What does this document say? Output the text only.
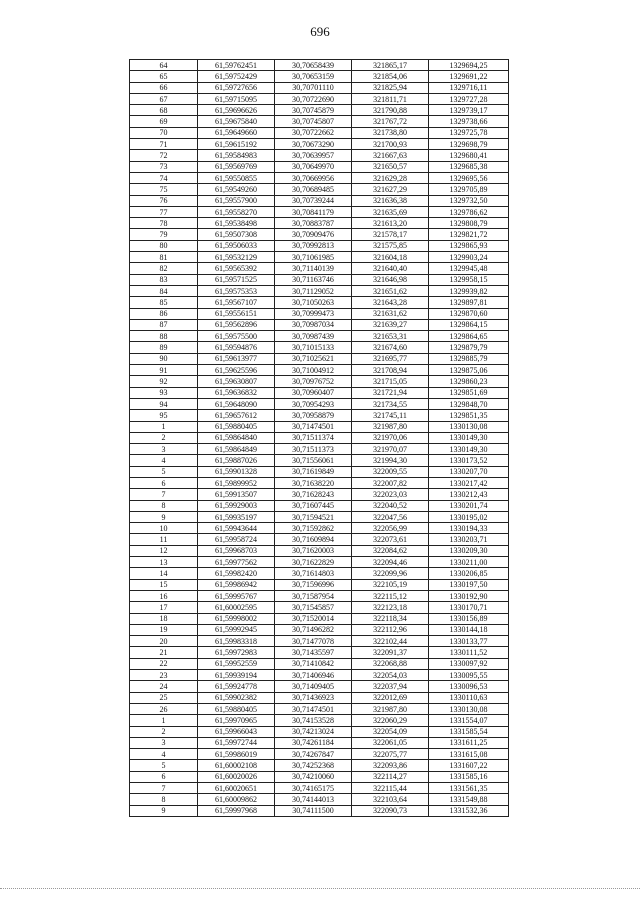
696
64	61,59762451	30,70658439	321865,17	1329694,25
65	61,59752429	30,70653159	321854,06	1329691,22
66	61,59727656	30,70701110	321825,94	1329716,11
67	61,59715095	30,70722690	321811,71	1329727,28
68	61,59696626	30,70745879	321790,88	1329739,17
69	61,59675840	30,70745807	321767,72	1329738,66
70	61,59649660	30,70722662	321738,80	1329725,78
71	61,59615192	30,70673290	321700,93	1329698,79
72	61,59584983	30,70639957	321667,63	1329680,41
73	61,59569769	30,70649970	321650,57	1329685,38
74	61,59550855	30,70669956	321629,28	1329695,56
75	61,59549260	30,70689485	321627,29	1329705,89
76	61,59557900	30,70739244	321636,38	1329732,50
77	61,59558270	30,70841179	321635,69	1329786,62
78	61,59538498	30,70883787	321613,20	1329808,79
79	61,59507308	30,70909476	321578,17	1329821,72
80	61,59506033	30,70992813	321575,85	1329865,93
81	61,59532129	30,71061985	321604,18	1329903,24
82	61,59565392	30,71140139	321640,40	1329945,48
83	61,59571525	30,71163746	321646,98	1329958,15
84	61,59575353	30,71129052	321651,62	1329939,82
85	61,59567107	30,71050263	321643,28	1329897,81
86	61,59556151	30,70999473	321631,62	1329870,60
87	61,59562896	30,70987034	321639,27	1329864,15
88	61,59575500	30,70987439	321653,31	1329864,65
89	61,59594876	30,71015133	321674,60	1329879,79
90	61,59613977	30,71025621	321695,77	1329885,79
91	61,59625596	30,71004912	321708,94	1329875,06
92	61,59630807	30,70976752	321715,05	1329860,23
93	61,59636832	30,70960407	321721,94	1329851,69
94	61,59648090	30,70954293	321734,55	1329848,70
95	61,59657612	30,70958879	321745,11	1329851,35
1	61,59880405	30,71474501	321987,80	1330130,08
2	61,59864840	30,71511374	321970,06	1330149,30
3	61,59864849	30,71511373	321970,07	1330149,30
4	61,59887026	30,71556061	321994,30	1330173,52
5	61,59901328	30,71619849	322009,55	1330207,70
6	61,59899952	30,71638220	322007,82	1330217,42
7	61,59913507	30,71628243	322023,03	1330212,43
8	61,59929003	30,71607445	322040,52	1330201,74
9	61,59935197	30,71594521	322047,56	1330195,02
10	61,59943644	30,71592862	322056,99	1330194,33
11	61,59958724	30,71609894	322073,61	1330203,71
12	61,59968703	30,71620003	322084,62	1330209,30
13	61,59977562	30,71622829	322094,46	1330211,00
14	61,59982420	30,71614803	322099,96	1330206,85
15	61,59986942	30,71596996	322105,19	1330197,50
16	61,59995767	30,71587954	322115,12	1330192,90
17	61,60002595	30,71545857	322123,18	1330170,71
18	61,59998002	30,71520014	322118,34	1330156,89
19	61,59992945	30,71496282	322112,96	1330144,18
20	61,59983318	30,71477078	322102,44	1330133,77
21	61,59972983	30,71435597	322091,37	1330111,52
22	61,59952559	30,71410842	322068,88	1330097,92
23	61,59939194	30,71406946	322054,03	1330095,55
24	61,59924778	30,71409405	322037,94	1330096,53
25	61,59902382	30,71436923	322012,69	1330110,63
26	61,59880405	30,71474501	321987,80	1330130,08
1	61,59970965	30,74153528	322060,29	1331554,07
2	61,59966043	30,74213024	322054,09	1331585,54
3	61,59972744	30,74261184	322061,05	1331611,25
4	61,59986019	30,74267847	322075,77	1331615,08
5	61,60002108	30,74252368	322093,86	1331607,22
6	61,60020026	30,74210060	322114,27	1331585,16
7	61,60020651	30,74165175	322115,44	1331561,35
8	61,60009862	30,74144013	322103,64	1331549,88
9	61,59997968	30,74111500	322090,73	1331532,36
